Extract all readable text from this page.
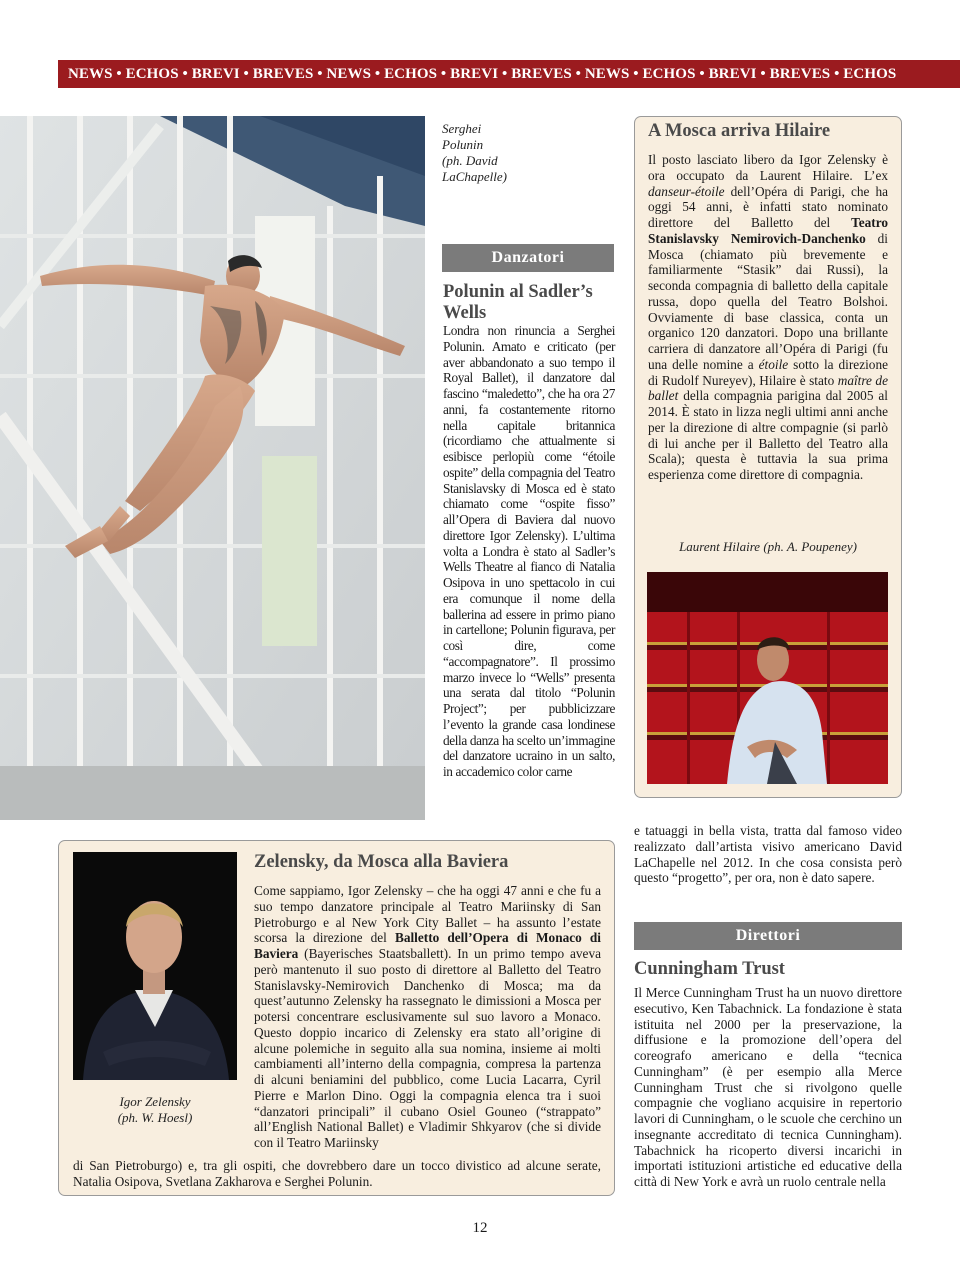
NEWS • ECHOS • BREVI • BREVES • NEWS • ECHOS • BREVI • BREVES • NEWS • ECHOS • BREVI • BREVES • ECHOS
Serghei
Polunin
(ph. David
LaChapelle)
Danzatori
Polunin al Sadler’s
Wells
Londra non rinuncia a Serghei Polunin. Amato e criticato (per aver abbandonato a suo tempo il Royal Ballet), il danzatore dal fascino “maledetto”, che ha ora 27 anni, fa costantemente ritorno nella capitale britannica (ricordiamo che attualmente si esibisce perlopiù come “étoile ospite” della compagnia del Teatro Stanislavsky di Mosca ed è stato chiamato come “ospite fisso” all’Opera di Baviera dal nuovo direttore Igor Zelensky). L’ultima volta a Londra è stato al Sadler’s Wells Theatre al fianco di Natalia Osipova in uno spettacolo in cui era comunque il nome della ballerina ad essere in primo piano in cartellone; Polunin figurava, per così dire, come “accompagnatore”. Il prossimo marzo invece lo “Wells” presenta una serata dal titolo “Polunin Project”; per pubblicizzare l’evento la grande casa londinese della danza ha scelto un’immagine del danzatore ucraino in un salto, in accademico color carne
A Mosca arriva Hilaire
Il posto lasciato libero da Igor Zelensky è ora occupato da Laurent Hilaire. L’ex danseur-étoile dell’Opéra di Parigi, che ha oggi 54 anni, è infatti stato nominato direttore del Balletto del Teatro Stanislavsky Nemirovich-Danchenko di Mosca (chiamato più brevemente e familiarmente “Stasik” dai Russi), la seconda compagnia di balletto della capitale russa, dopo quella del Teatro Bolshoi. Ovviamente di base classica, conta un organico 120 danzatori. Dopo una brillante carriera di danzatore all’Opéra di Parigi (fu una delle nomine a étoile sotto la direzione di Rudolf Nureyev), Hilaire è stato maître de ballet della compagnia parigina dal 2005 al 2014. È stato in lizza negli ultimi anni anche per la direzione di altre compagnie (si parlò di lui anche per il Balletto del Teatro alla Scala); questa è tuttavia la sua prima esperienza come direttore di compagnia.
Laurent Hilaire (ph. A. Poupeney)
e tatuaggi in bella vista, tratta dal famoso video realizzato dall’artista visivo americano David LaChapelle nel 2012. In che cosa consista però questo “progetto”, per ora, non è dato sapere.
Igor Zelensky
(ph. W. Hoesl)
Zelensky, da Mosca alla Baviera
Come sappiamo, Igor Zelensky – che ha oggi 47 anni e che fu a suo tempo danzatore principale al Teatro Mariinsky di San Pietroburgo e al New York City Ballet – ha assunto l’estate scorsa la direzione del Balletto dell’Opera di Monaco di Baviera (Bayerisches Staatsballett). In un primo tempo aveva però mantenuto il suo posto di direttore al Balletto del Teatro Stanislavsky-Nemirovich Danchenko di Mosca; ma da quest’autunno Zelensky ha rassegnato le dimissioni a Mosca per potersi concentrare esclusivamente sul suo lavoro a Monaco. Questo doppio incarico di Zelensky era stato all’origine di alcune polemiche in seguito alla sua nomina, insieme ai molti cambiamenti all’interno della compagnia, compresa la partenza di alcuni beniamini del pubblico, come Lucia Lacarra, Cyril Pierre e Marlon Dino. Oggi la compagnia elenca tra i suoi “danzatori principali” il cubano Osiel Gouneo (“strappato” all’English National Ballet) e Vladimir Shkyarov (che si divide con il Teatro Mariinsky
di San Pietroburgo) e, tra gli ospiti, che dovrebbero dare un tocco divistico ad alcune serate, Natalia Osipova, Svetlana Zakharova e Serghei Polunin.
Direttori
Cunningham Trust
Il Merce Cunningham Trust ha un nuovo direttore esecutivo, Ken Tabachnick. La fondazione è stata istituita nel 2000 per la preservazione, la diffusione e la promozione dell’opera del coreografo americano e della “tecnica Cunningham” (è per esempio alla Merce Cunningham Trust che si rivolgono quelle compagnie che vogliano acquisire in repertorio lavori di Cunningham, o le scuole che cerchino un insegnante accreditato di tecnica Cunningham). Tabachnick ha ricoperto diversi incarichi in importati istituzioni artistiche ed educative della città di New York e avrà un ruolo centrale nella
12
